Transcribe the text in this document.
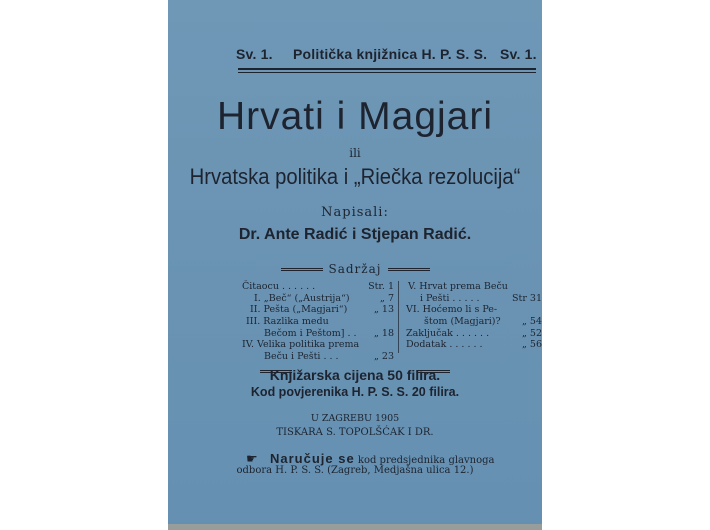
Sv. 1. Politička knjižnica H. P. S. S. Sv. 1.
Hrvati i Magjari
ili
Hrvatska politika i „Riečka rezolucija“
Napisali:
Dr. Ante Radić i Stjepan Radić.
Sadržaj
Čitaocu . . . . . .	Str. 1
I. „Beč“ („Austrija“)	„ 7
II. Pešta („Magjari“)	„ 13
III. Razlika medu
Bečom i Peštom] . . „ 18
IV. Velika politika prema
Beču i Pešti . . .	„ 23
V. Hrvat prema Beču
i Pešti . . . . .	Str 31
VI. Hoćemo li s Pe-
štom (Magjari)? „ 54
Zaključak . . . . . .	„ 52
Dodatak . . . . . .	„ 56
Knjižarska cijena 50 filira.
Kod povjerenika H. P. S. S. 20 filira.
U ZAGREBU 1905
TISKARA S. TOPOLŠĆAK I DR.
☛ Naručuje se kod predsjednika glavnoga
odbora H. P. S. S. (Zagreb, Medjašna ulica 12.)
